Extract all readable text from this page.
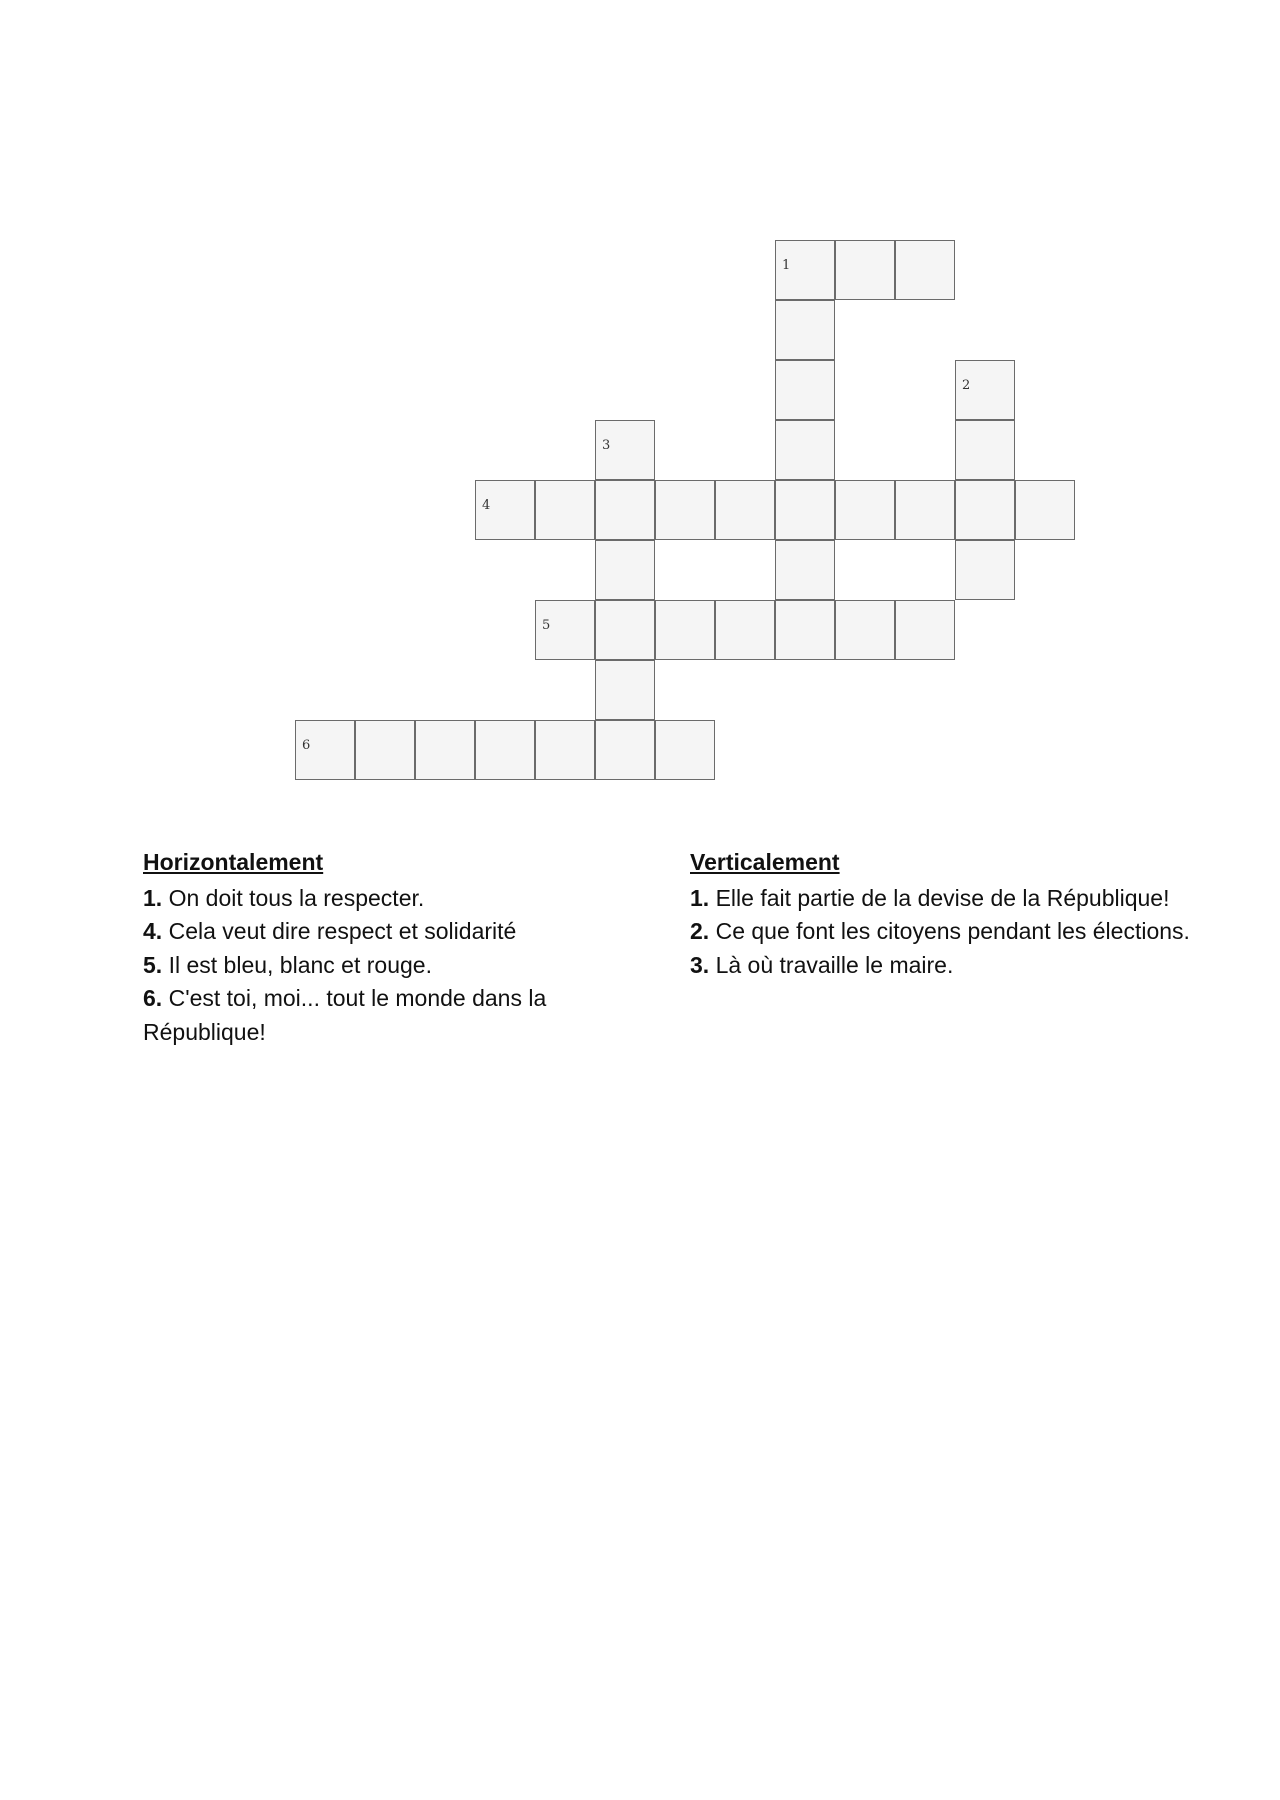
1
2
3
4
5
6
Horizontalement

1. On doit tous la respecter.

4. Cela veut dire respect et solidarité

5. Il est bleu, blanc et rouge.

6. C'est toi, moi... tout le monde dans la République!

Verticalement

1. Elle fait partie de la devise de la République!

2. Ce que font les citoyens pendant les élections.

3. Là où travaille le maire.
